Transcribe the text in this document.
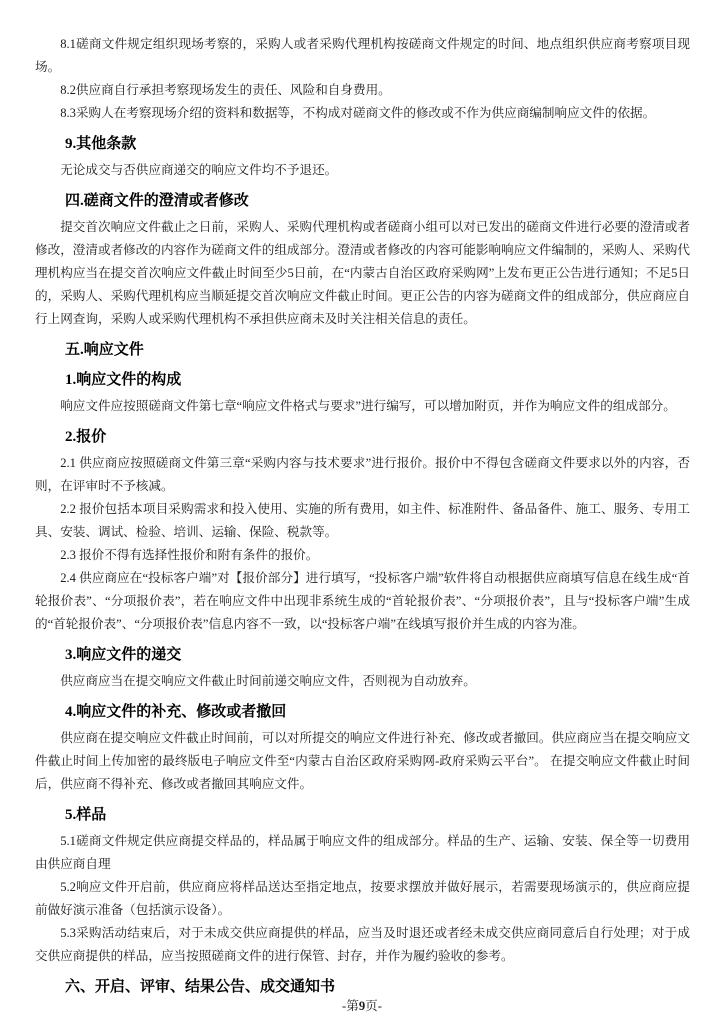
8.1磋商文件规定组织现场考察的，采购人或者采购代理机构按磋商文件规定的时间、地点组织供应商考察项目现场。

8.2供应商自行承担考察现场发生的责任、风险和自身费用。

8.3采购人在考察现场介绍的资料和数据等，不构成对磋商文件的修改或不作为供应商编制响应文件的依据。

9.其他条款

无论成交与否供应商递交的响应文件均不予退还。

四.磋商文件的澄清或者修改

提交首次响应文件截止之日前，采购人、采购代理机构或者磋商小组可以对已发出的磋商文件进行必要的澄清或者修改，澄清或者修改的内容作为磋商文件的组成部分。澄清或者修改的内容可能影响响应文件编制的，采购人、采购代理机构应当在提交首次响应文件截止时间至少5日前，在“内蒙古自治区政府采购网”上发布更正公告进行通知；不足5日的，采购人、采购代理机构应当顺延提交首次响应文件截止时间。更正公告的内容为磋商文件的组成部分，供应商应自行上网查询，采购人或采购代理机构不承担供应商未及时关注相关信息的责任。

五.响应文件

1.响应文件的构成

响应文件应按照磋商文件第七章“响应文件格式与要求”进行编写，可以增加附页，并作为响应文件的组成部分。

2.报价

2.1 供应商应按照磋商文件第三章“采购内容与技术要求”进行报价。报价中不得包含磋商文件要求以外的内容，否则，在评审时不予核减。

2.2 报价包括本项目采购需求和投入使用、实施的所有费用，如主件、标准附件、备品备件、施工、服务、专用工具、安装、调试、检验、培训、运输、保险、税款等。

2.3 报价不得有选择性报价和附有条件的报价。

2.4 供应商应在“投标客户端”对【报价部分】进行填写，“投标客户端”软件将自动根据供应商填写信息在线生成“首轮报价表”、“分项报价表”，若在响应文件中出现非系统生成的“首轮报价表”、“分项报价表”，且与“投标客户端”生成的“首轮报价表”、“分项报价表”信息内容不一致，以“投标客户端”在线填写报价并生成的内容为准。

3.响应文件的递交

供应商应当在提交响应文件截止时间前递交响应文件，否则视为自动放弃。

4.响应文件的补充、修改或者撤回

供应商在提交响应文件截止时间前，可以对所提交的响应文件进行补充、修改或者撤回。供应商应当在提交响应文件截止时间上传加密的最终版电子响应文件至“内蒙古自治区政府采购网-政府采购云平台”。 在提交响应文件截止时间后，供应商不得补充、修改或者撤回其响应文件。

5.样品

5.1磋商文件规定供应商提交样品的，样品属于响应文件的组成部分。样品的生产、运输、安装、保全等一切费用由供应商自理

5.2响应文件开启前，供应商应将样品送达至指定地点，按要求摆放并做好展示，若需要现场演示的，供应商应提前做好演示准备（包括演示设备）。

5.3采购活动结束后，对于未成交供应商提供的样品，应当及时退还或者经未成交供应商同意后自行处理；对于成交供应商提供的样品，应当按照磋商文件的进行保管、封存，并作为履约验收的参考。

六、开启、评审、结果公告、成交通知书

-第9页-
